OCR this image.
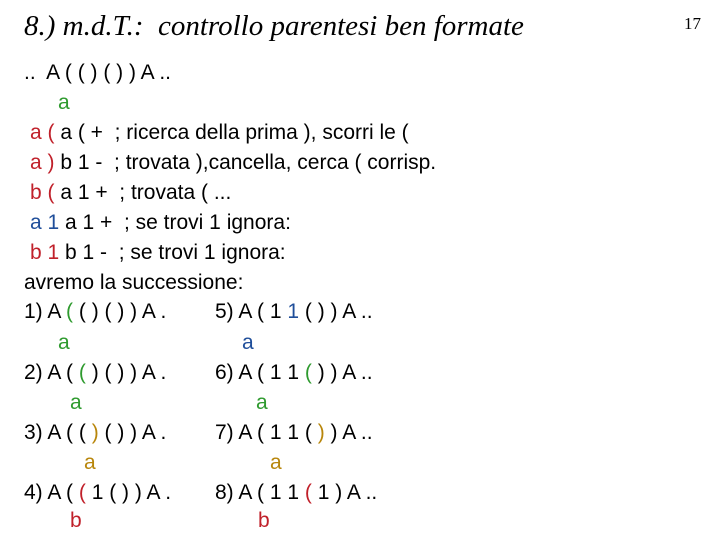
8.) m.d.T.:  controllo parentesi ben formate	17
..  A ( ( ) ( ) ) A ..
a
a ( a ( +  ; ricerca della prima ), scorri le (
a ) b 1 -  ; trovata ),cancella, cerca ( corrisp.
b ( a 1 +  ; trovata ( ...
a 1 a 1 +  ; se trovi 1 ignora:
b 1 b 1 -  ; se trovi 1 ignora:
avremo la successione:
1) A ( ( ) ( ) ) A . 5) A ( 1 1 ( ) ) A ..
a	a
2) A ( ( ) ( ) ) A . 6) A ( 1 1 ( ) ) A ..
a	a
3) A ( ( ) ( ) ) A . 7) A ( 1 1 ( ) ) A ..
a	a
4) A ( ( 1 ( ) ) A . 8) A ( 1 1 ( 1 ) A ..
b	b
